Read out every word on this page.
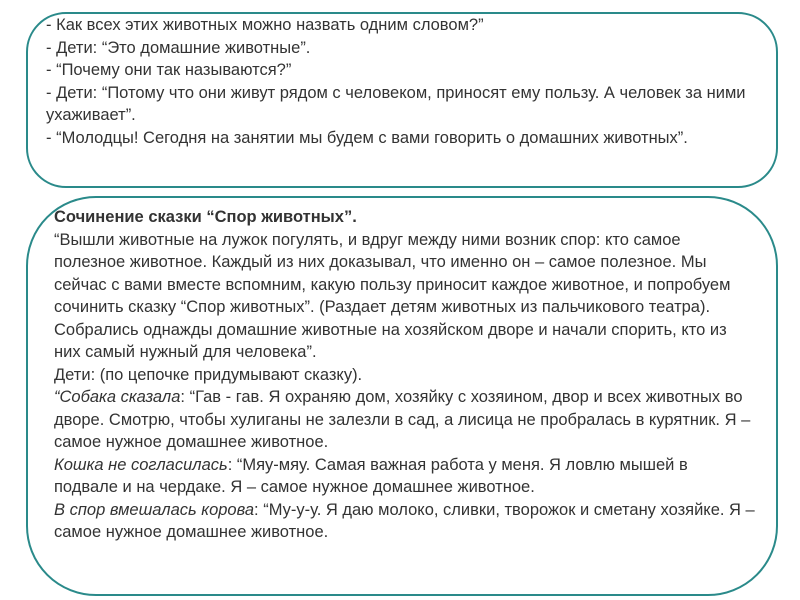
- Как всех этих животных можно назвать одним словом?”

- Дети: “Это домашние животные”.

- “Почему они так называются?”

- Дети: “Потому что они живут рядом с человеком, приносят ему пользу. А человек за ними ухаживает”.

- “Молодцы! Сегодня на занятии мы будем с вами говорить о домашних животных”.

Сочинение сказки “Спор животных”.

“Вышли животные на лужок погулять, и вдруг между ними возник спор: кто самое полезное животное. Каждый из них доказывал, что именно он – самое полезное. Мы сейчас с вами вместе вспомним, какую пользу приносит каждое животное, и попробуем сочинить сказку “Спор животных”. (Раздает детям животных из пальчикового театра). Собрались однажды домашние животные на хозяйском дворе и начали спорить, кто из них самый нужный для человека”.

Дети: (по цепочке придумывают сказку).

“Собака сказала: “Гав - гав. Я охраняю дом, хозяйку с хозяином, двор и всех животных во дворе. Смотрю, чтобы хулиганы не залезли в сад, а лисица не пробралась в курятник. Я – самое нужное домашнее животное.

Кошка не согласилась: “Мяу-мяу. Самая важная работа у меня. Я ловлю мышей в подвале и на чердаке. Я – самое нужное домашнее животное.

В спор вмешалась корова: “Му-у-у. Я даю молоко, сливки, творожок и сметану хозяйке. Я – самое нужное домашнее животное.
